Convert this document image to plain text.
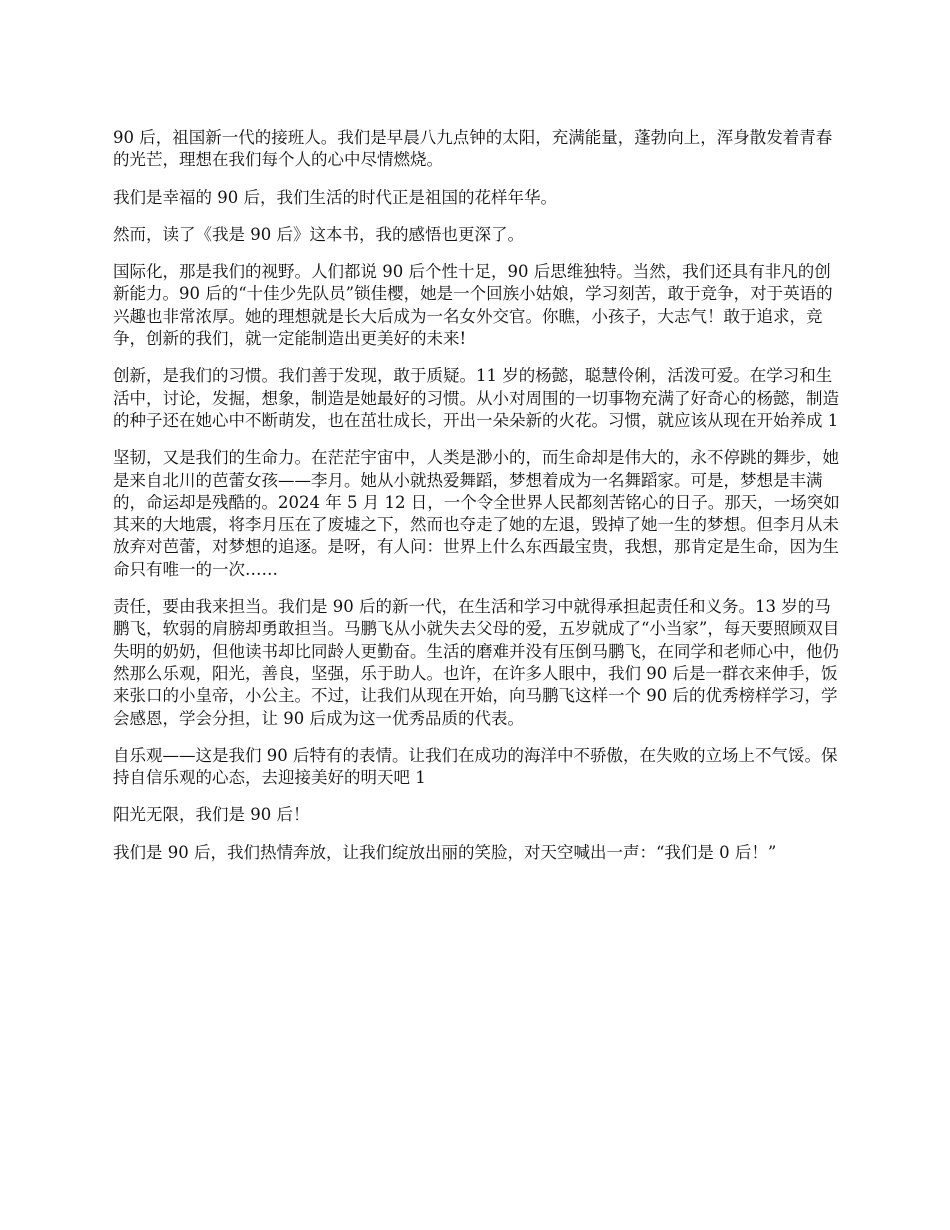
90 后，祖国新一代的接班人。我们是早晨八九点钟的太阳，充满能量，蓬勃向上，浑身散发着青春的光芒，理想在我们每个人的心中尽情燃烧。

我们是幸福的 90 后，我们生活的时代正是祖国的花样年华。

然而，读了《我是 90 后》这本书，我的感悟也更深了。

国际化，那是我们的视野。人们都说 90 后个性十足，90 后思维独特。当然，我们还具有非凡的创新能力。90 后的“十佳少先队员”锁佳樱，她是一个回族小姑娘，学习刻苦，敢于竞争，对于英语的兴趣也非常浓厚。她的理想就是长大后成为一名女外交官。你瞧，小孩子，大志气！敢于追求，竞争，创新的我们，就一定能制造出更美好的未来!

创新，是我们的习惯。我们善于发现，敢于质疑。11 岁的杨懿，聪慧伶俐，活泼可爱。在学习和生活中，讨论，发掘，想象，制造是她最好的习惯。从小对周围的一切事物充满了好奇心的杨懿，制造的种子还在她心中不断萌发，也在茁壮成长，开出一朵朵新的火花。习惯，就应该从现在开始养成 1

坚韧，又是我们的生命力。在茫茫宇宙中，人类是渺小的，而生命却是伟大的，永不停跳的舞步，她是来自北川的芭蕾女孩——李月。她从小就热爱舞蹈，梦想着成为一名舞蹈家。可是，梦想是丰满的，命运却是残酷的。2024 年 5 月 12 日，一个令全世界人民都刻苦铭心的日子。那天，一场突如其来的大地震，将李月压在了废墟之下，然而也夺走了她的左退，毁掉了她一生的梦想。但李月从未放弃对芭蕾，对梦想的追逐。是呀，有人问：世界上什么东西最宝贵，我想，那肯定是生命，因为生命只有唯一的一次……

责任，要由我来担当。我们是 90 后的新一代，在生活和学习中就得承担起责任和义务。13 岁的马鹏飞，软弱的肩膀却勇敢担当。马鹏飞从小就失去父母的爱，五岁就成了“小当家”，每天要照顾双目失明的奶奶，但他读书却比同龄人更勤奋。生活的磨难并没有压倒马鹏飞，在同学和老师心中，他仍然那么乐观，阳光，善良，坚强，乐于助人。也许，在许多人眼中，我们 90 后是一群衣来伸手，饭来张口的小皇帝，小公主。不过，让我们从现在开始，向马鹏飞这样一个 90 后的优秀榜样学习，学会感恩，学会分担，让 90 后成为这一优秀品质的代表。

自乐观——这是我们 90 后特有的表情。让我们在成功的海洋中不骄傲，在失败的立场上不气馁。保持自信乐观的心态，去迎接美好的明天吧 1

阳光无限，我们是 90 后！

我们是 90 后，我们热情奔放，让我们绽放出丽的笑脸，对天空喊出一声：“我们是 0 后！”
